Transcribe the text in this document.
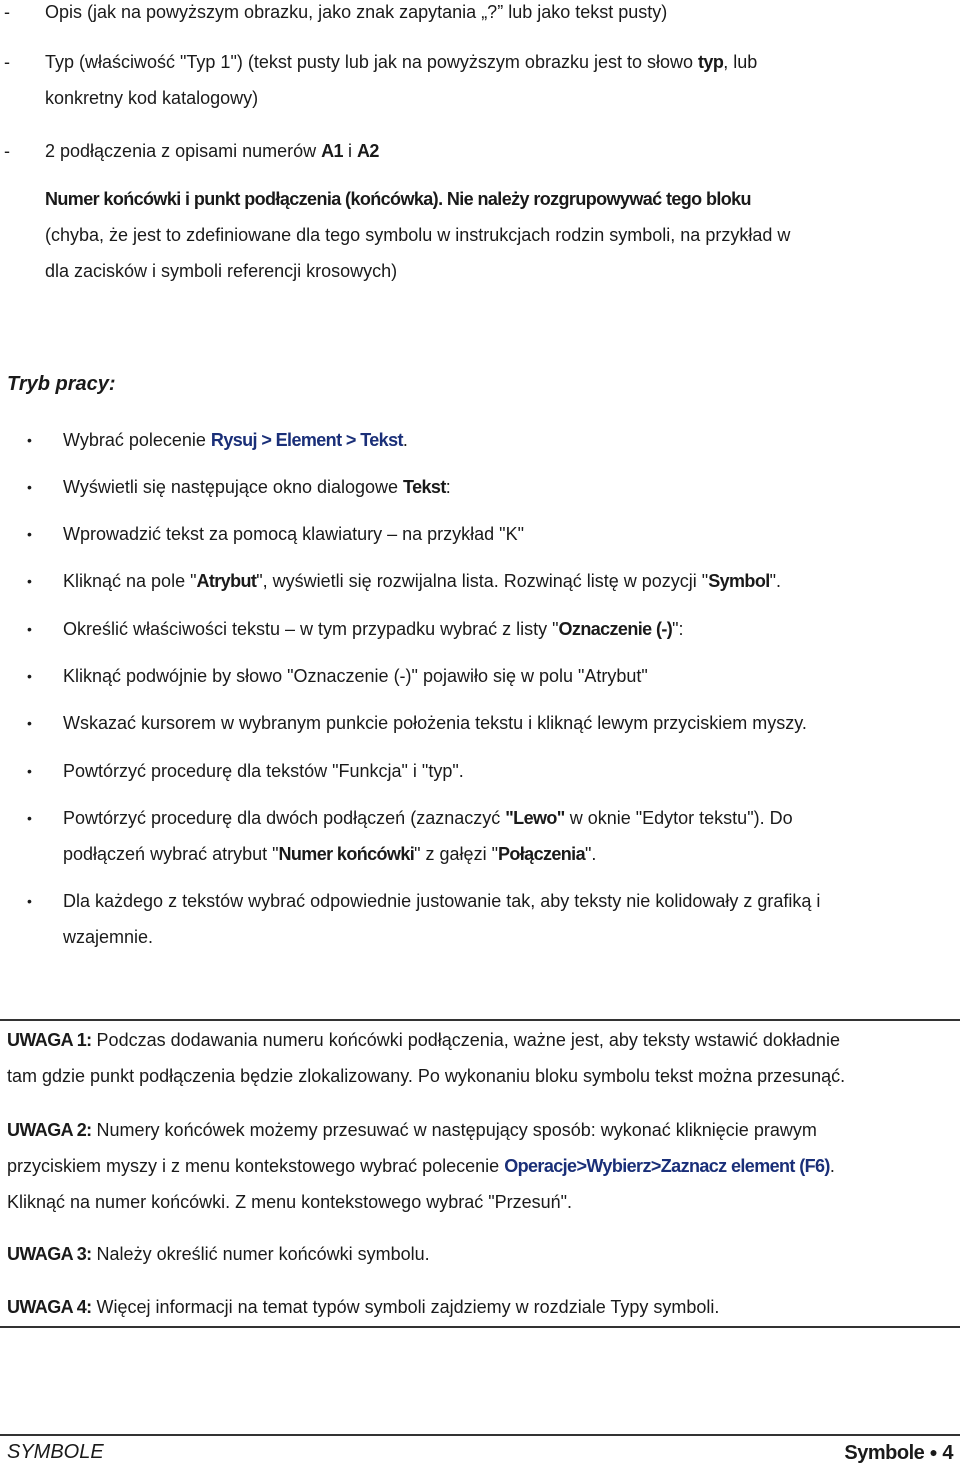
- Opis (jak na powyższym obrazku, jako znak zapytania „?” lub jako tekst pusty)
- Typ (właściwość "Typ 1") (tekst pusty lub jak na powyższym obrazku jest to słowo typ, lub
konkretny kod katalogowy)
- 2 podłączenia z opisami numerów A1 i A2
Numer końcówki i punkt podłączenia (końcówka). Nie należy rozgrupowywać tego bloku
(chyba, że jest to zdefiniowane dla tego symbolu w instrukcjach rodzin symboli, na przykład w
dla zacisków i symboli referencji krosowych)
Tryb pracy:
• Wybrać polecenie Rysuj > Element > Tekst.
• Wyświetli się następujące okno dialogowe Tekst:
• Wprowadzić tekst za pomocą klawiatury – na przykład "K"
• Kliknąć na pole "Atrybut", wyświetli się rozwijalna lista. Rozwinąć listę w pozycji "Symbol".
• Określić właściwości tekstu – w tym przypadku wybrać z listy "Oznaczenie (-)":
• Kliknąć podwójnie by słowo "Oznaczenie (-)" pojawiło się w polu "Atrybut"
• Wskazać kursorem w wybranym punkcie położenia tekstu i kliknąć lewym przyciskiem myszy.
• Powtórzyć procedurę dla tekstów "Funkcja" i "typ".
• Powtórzyć procedurę dla dwóch podłączeń (zaznaczyć "Lewo" w oknie "Edytor tekstu"). Do
podłączeń wybrać atrybut "Numer końcówki" z gałęzi "Połączenia".
• Dla każdego z tekstów wybrać odpowiednie justowanie tak, aby teksty nie kolidowały z grafiką i
wzajemnie.
UWAGA 1: Podczas dodawania numeru końcówki podłączenia, ważne jest, aby teksty wstawić dokładnie
tam gdzie punkt podłączenia będzie zlokalizowany. Po wykonaniu bloku symbolu tekst można przesunąć.
UWAGA 2: Numery końcówek możemy przesuwać w następujący sposób: wykonać kliknięcie prawym
przyciskiem myszy i z menu kontekstowego wybrać polecenie Operacje>Wybierz>Zaznacz element (F6).
Kliknąć na numer końcówki. Z menu kontekstowego wybrać "Przesuń".
UWAGA 3: Należy określić numer końcówki symbolu.
UWAGA 4: Więcej informacji na temat typów symboli zajdziemy w rozdziale Typy symboli.
SYMBOLE	Symbole ● 4
